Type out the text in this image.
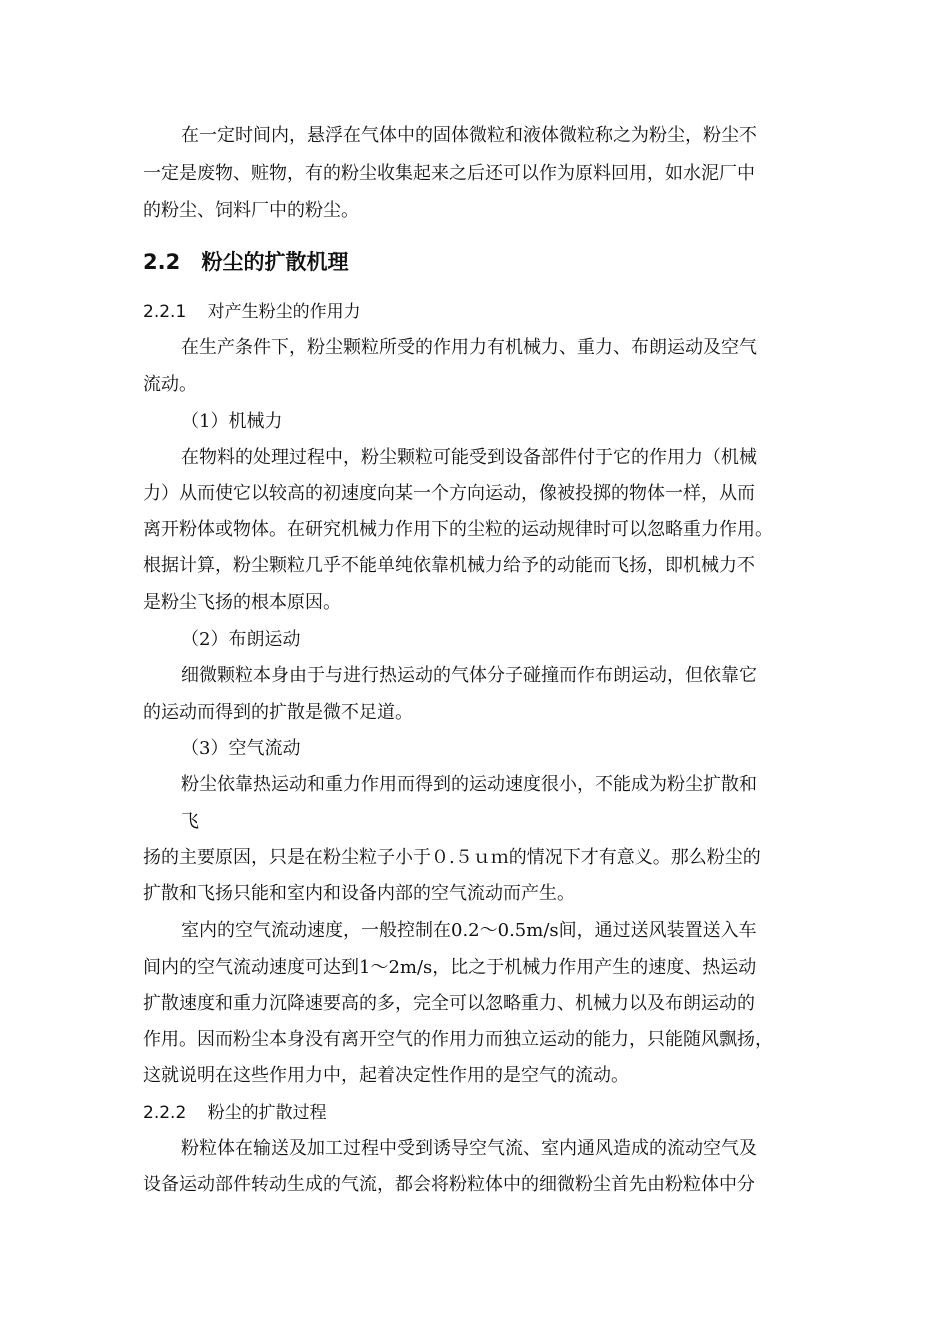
在一定时间内，悬浮在气体中的固体微粒和液体微粒称之为粉尘，粉尘不
一定是废物、赃物，有的粉尘收集起来之后还可以作为原料回用，如水泥厂中
的粉尘、饲料厂中的粉尘。
2.2 粉尘的扩散机理
2.2.1 对产生粉尘的作用力
在生产条件下，粉尘颗粒所受的作用力有机械力、重力、布朗运动及空气
流动。
（1）机械力
在物料的处理过程中，粉尘颗粒可能受到设备部件付于它的作用力（机械
力）从而使它以较高的初速度向某一个方向运动，像被投掷的物体一样，从而
离开粉体或物体。在研究机械力作用下的尘粒的运动规律时可以忽略重力作用。
根据计算，粉尘颗粒几乎不能单纯依靠机械力给予的动能而飞扬，即机械力不
是粉尘飞扬的根本原因。
（2）布朗运动
细微颗粒本身由于与进行热运动的气体分子碰撞而作布朗运动，但依靠它
的运动而得到的扩散是微不足道。
（3）空气流动
粉尘依靠热运动和重力作用而得到的运动速度很小，不能成为粉尘扩散和
飞
扬的主要原因，只是在粉尘粒子小于０.５ｕｍ的情况下才有意义。那么粉尘的
扩散和飞扬只能和室内和设备内部的空气流动而产生。
室内的空气流动速度，一般控制在0.2～0.5m/s间，通过送风装置送入车
间内的空气流动速度可达到1～2m/s，比之于机械力作用产生的速度、热运动
扩散速度和重力沉降速要高的多，完全可以忽略重力、机械力以及布朗运动的
作用。因而粉尘本身没有离开空气的作用力而独立运动的能力，只能随风飘扬，
这就说明在这些作用力中，起着决定性作用的是空气的流动。
2.2.2 粉尘的扩散过程
粉粒体在输送及加工过程中受到诱导空气流、室内通风造成的流动空气及
设备运动部件转动生成的气流，都会将粉粒体中的细微粉尘首先由粉粒体中分
